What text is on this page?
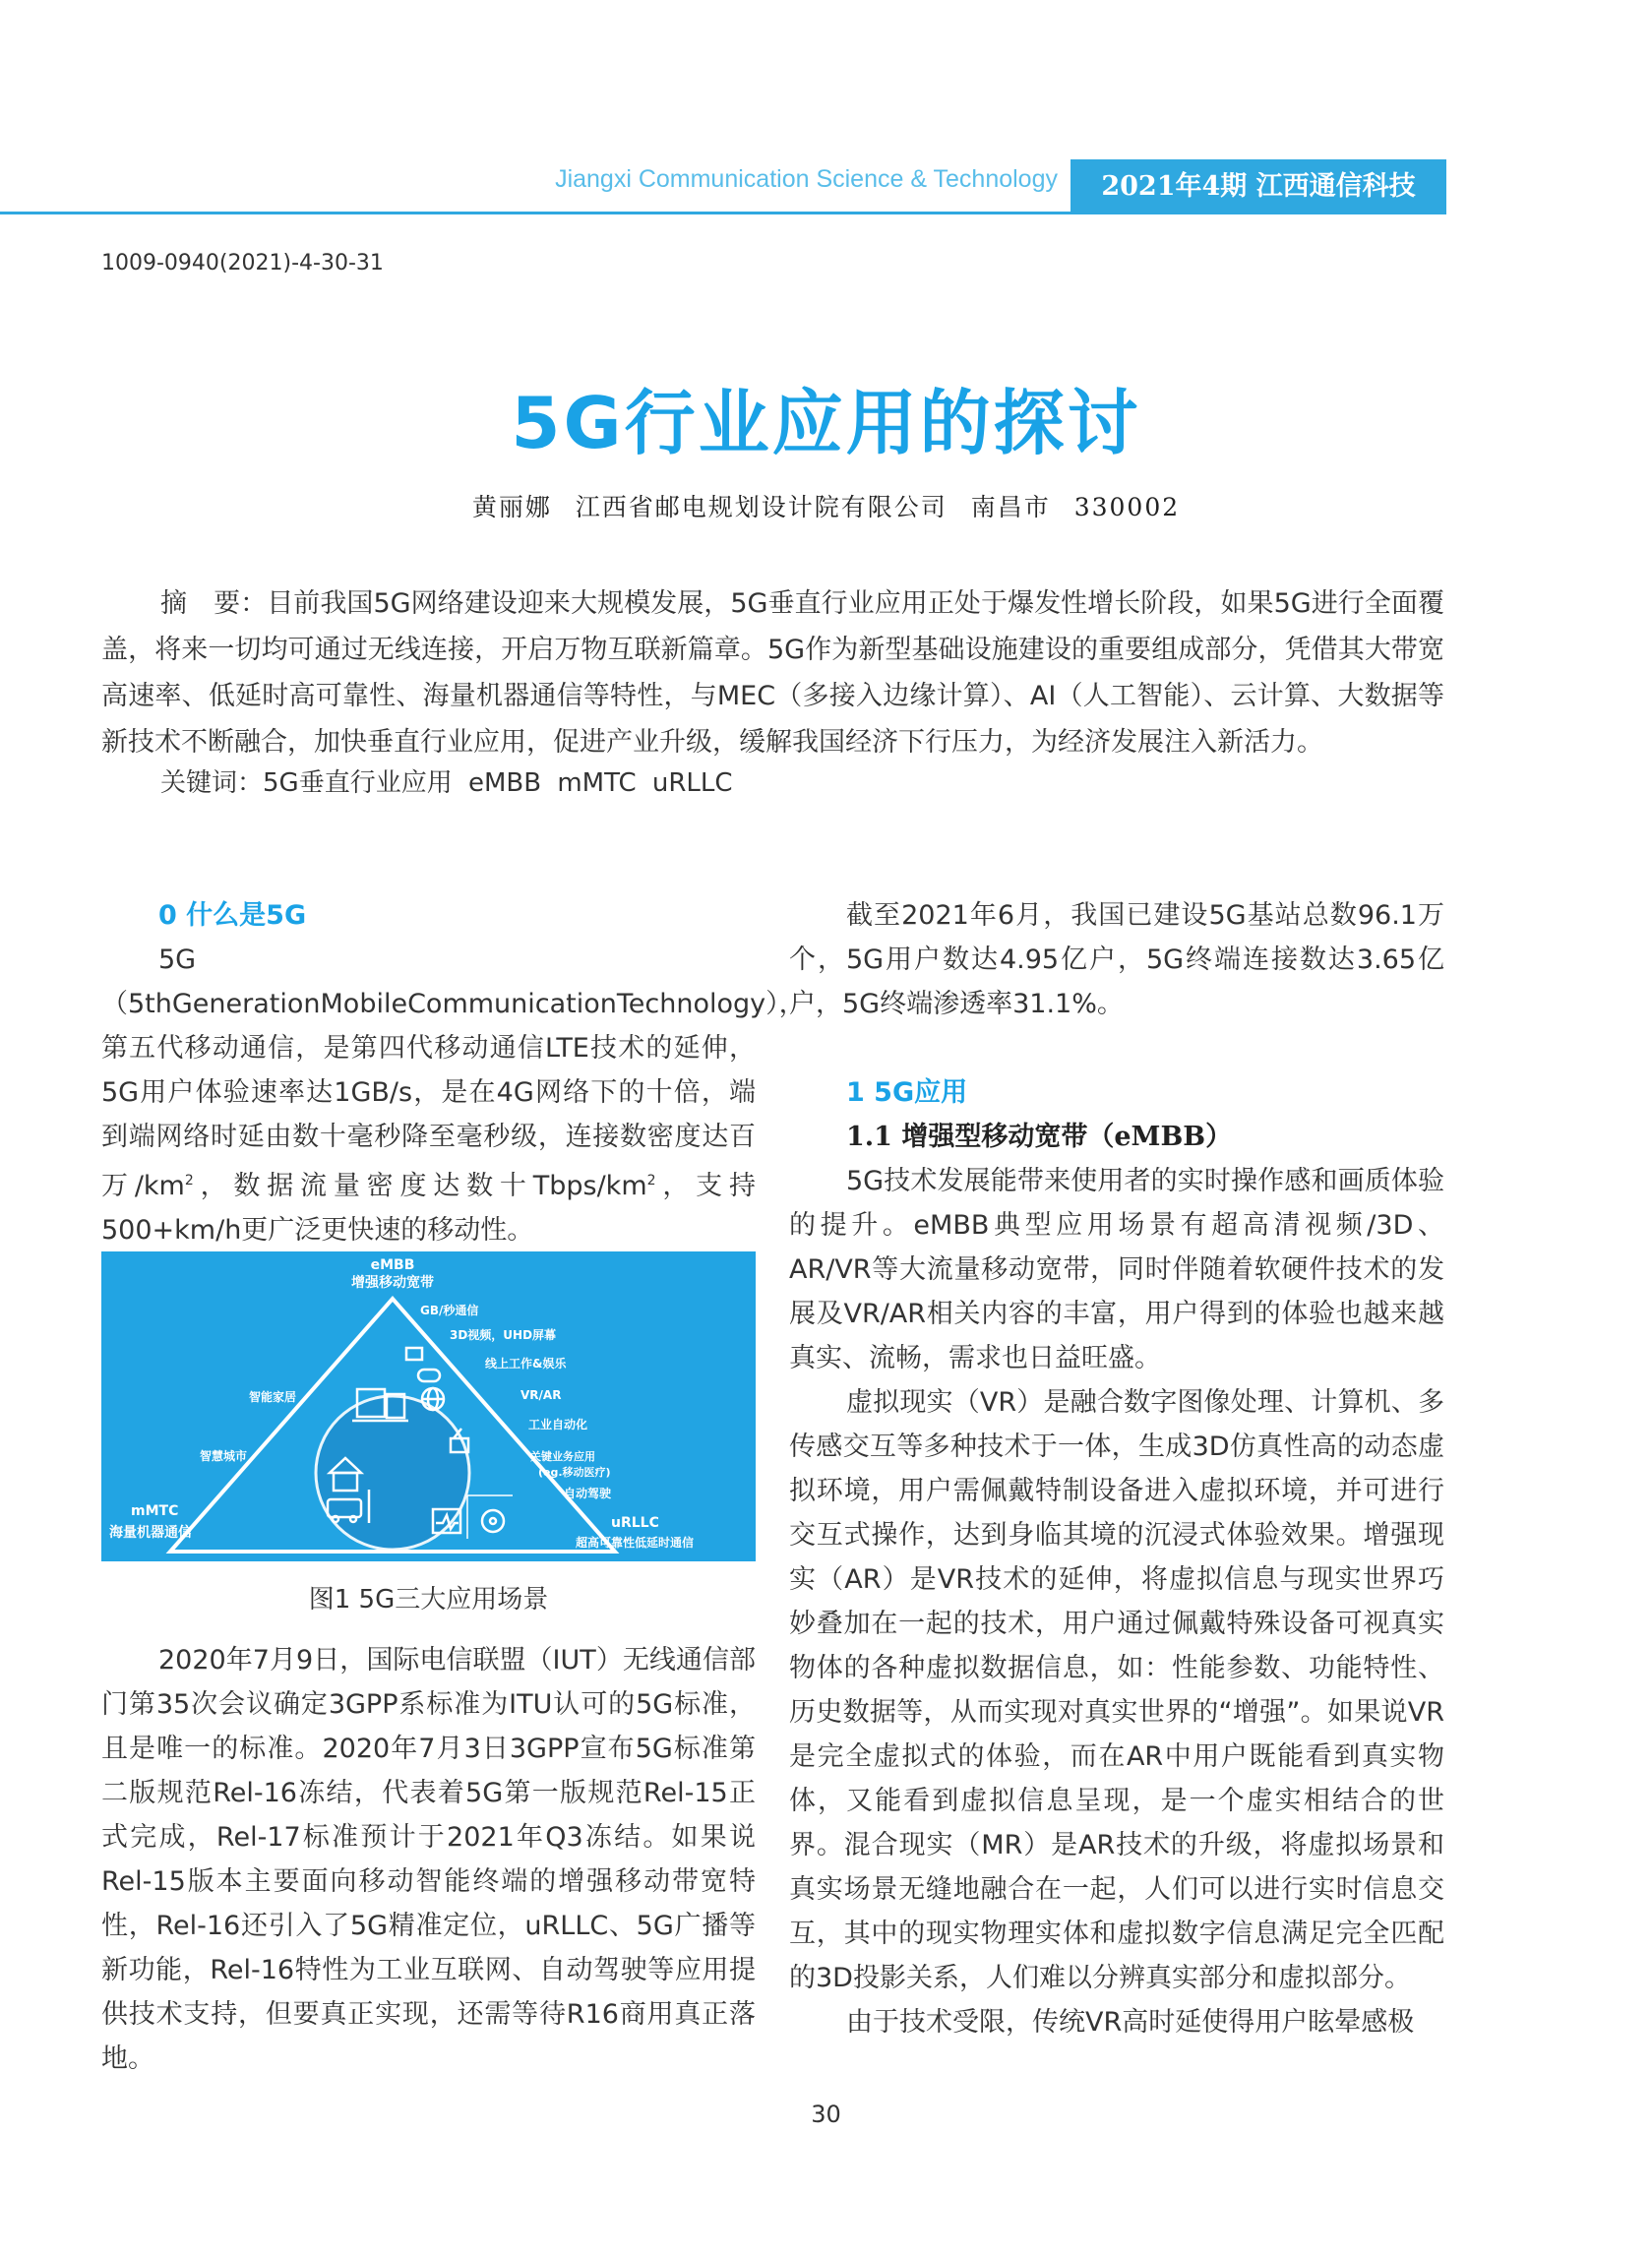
Jiangxi Communication Science & Technology	2021年4期 江西通信科技
1009-0940(2021)-4-30-31
5G行业应用的探讨
黄丽娜 江西省邮电规划设计院有限公司 南昌市 330002

摘　要：目前我国5G网络建设迎来大规模发展，5G垂直行业应用正处于爆发性增长阶段，如果5G进行全面覆盖，将来一切均可通过无线连接，开启万物互联新篇章。5G作为新型基础设施建设的重要组成部分，凭借其大带宽高速率、低延时高可靠性、海量机器通信等特性，与MEC（多接入边缘计算）、AI（人工智能）、云计算、大数据等新技术不断融合，加快垂直行业应用，促进产业升级，缓解我国经济下行压力，为经济发展注入新活力。

关键词：5G垂直行业应用 eMBB mMTC uRLLC
0 什么是5G

5G（5thGenerationMobileCommunicationTechnology），第五代移动通信，是第四代移动通信LTE技术的延伸，5G用户体验速率达1GB/s，是在4G网络下的十倍，端到端网络时延由数十毫秒降至毫秒级，连接数密度达百万$/km^2$，数据流量密度达数十Tbps/$km^2$，支持500+km/h更广泛更快速的移动性。

eMBB
增强移动宽带
GB/秒通信
3D视频，UHD屏幕
线上工作&娱乐
VR/AR
工业自动化
关键业务应用
(eg.移动医疗)
自动驾驶
智能家居
智慧城市
mMTC
海量机器通信
uRLLC
超高可靠性低延时通信
图1 5G三大应用场景

2020年7月9日，国际电信联盟（IUT）无线通信部门第35次会议确定3GPP系标准为ITU认可的5G标准，且是唯一的标准。2020年7月3日3GPP宣布5G标准第二版规范Rel-16冻结，代表着5G第一版规范Rel-15正式完成，Rel-17标准预计于2021年Q3冻结。如果说Rel-15版本主要面向移动智能终端的增强移动带宽特性，Rel-16还引入了5G精准定位，uRLLC、5G广播等新功能，Rel-16特性为工业互联网、自动驾驶等应用提供技术支持，但要真正实现，还需等待R16商用真正落地。

截至2021年6月，我国已建设5G基站总数96.1万个，5G用户数达4.95亿户，5G终端连接数达3.65亿户，5G终端渗透率31.1%。

1 5G应用
1.1 增强型移动宽带（eMBB）

5G技术发展能带来使用者的实时操作感和画质体验的提升。eMBB典型应用场景有超高清视频/3D、AR/VR等大流量移动宽带，同时伴随着软硬件技术的发展及VR/AR相关内容的丰富，用户得到的体验也越来越真实、流畅，需求也日益旺盛。

虚拟现实（VR）是融合数字图像处理、计算机、多传感交互等多种技术于一体，生成3D仿真性高的动态虚拟环境，用户需佩戴特制设备进入虚拟环境，并可进行交互式操作，达到身临其境的沉浸式体验效果。增强现实（AR）是VR技术的延伸，将虚拟信息与现实世界巧妙叠加在一起的技术，用户通过佩戴特殊设备可视真实物体的各种虚拟数据信息，如：性能参数、功能特性、历史数据等，从而实现对真实世界的“增强”。如果说VR是完全虚拟式的体验，而在AR中用户既能看到真实物体，又能看到虚拟信息呈现，是一个虚实相结合的世界。混合现实（MR）是AR技术的升级，将虚拟场景和真实场景无缝地融合在一起，人们可以进行实时信息交互，其中的现实物理实体和虚拟数字信息满足完全匹配的3D投影关系，人们难以分辨真实部分和虚拟部分。

由于技术受限，传统VR高时延使得用户眩晕感极

30
